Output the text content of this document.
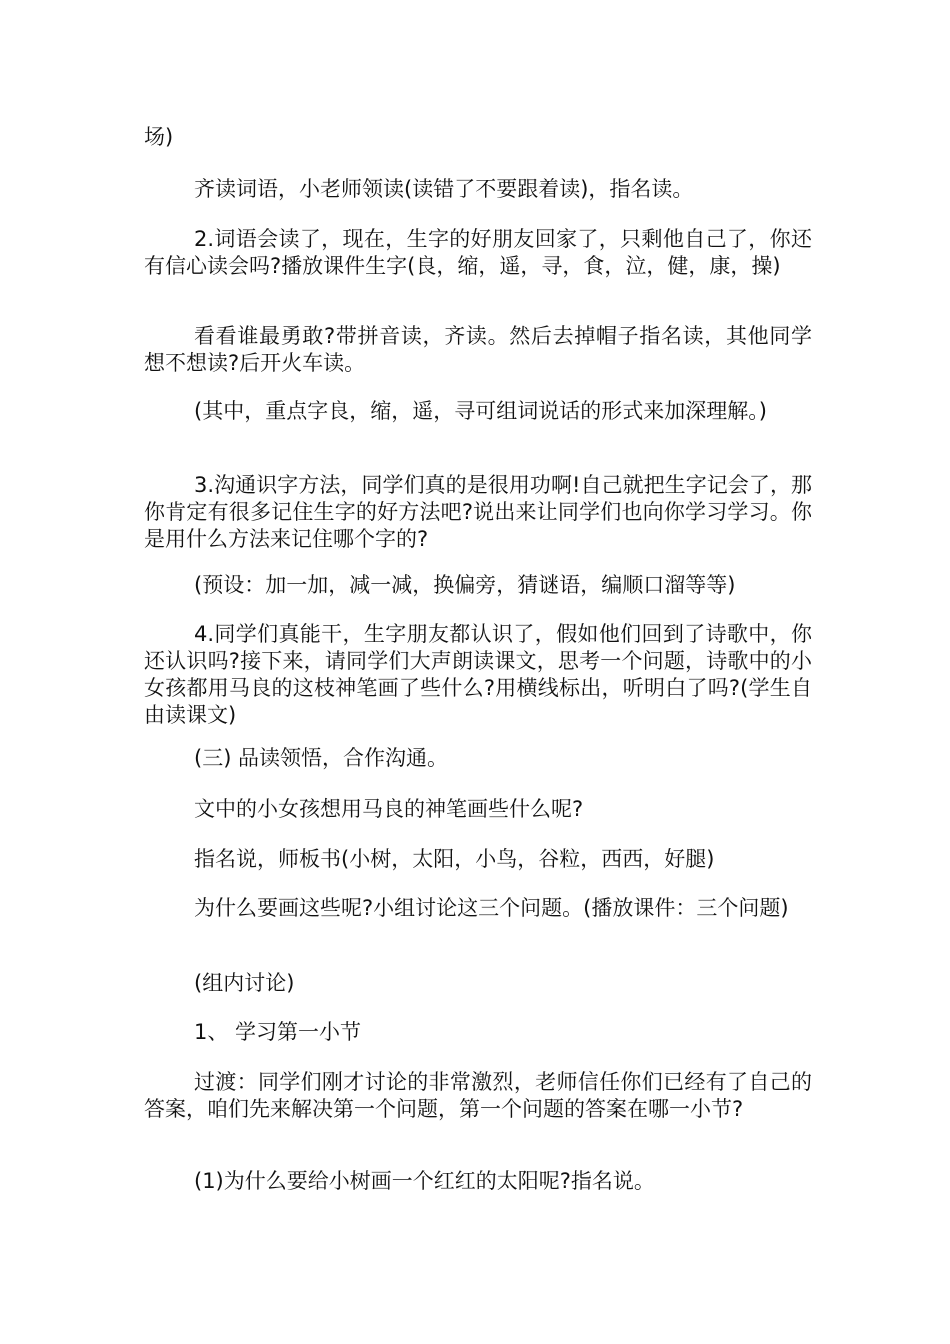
场)

齐读词语，小老师领读(读错了不要跟着读)，指名读。

2.词语会读了，现在，生字的好朋友回家了，只剩他自己了，你还有信心读会吗?播放课件生字(良，缩，遥，寻，食，泣，健，康，操)

看看谁最勇敢?带拼音读，齐读。然后去掉帽子指名读，其他同学想不想读?后开火车读。

(其中，重点字良，缩，遥，寻可组词说话的形式来加深理解。)

3.沟通识字方法，同学们真的是很用功啊!自己就把生字记会了，那你肯定有很多记住生字的好方法吧?说出来让同学们也向你学习学习。你是用什么方法来记住哪个字的?

(预设：加一加，减一减，换偏旁，猜谜语，编顺口溜等等)

4.同学们真能干，生字朋友都认识了，假如他们回到了诗歌中，你还认识吗?接下来，请同学们大声朗读课文，思考一个问题，诗歌中的小女孩都用马良的这枝神笔画了些什么?用横线标出，听明白了吗?(学生自由读课文)

(三) 品读领悟，合作沟通。

文中的小女孩想用马良的神笔画些什么呢?

指名说，师板书(小树，太阳，小鸟，谷粒，西西，好腿)

为什么要画这些呢?小组讨论这三个问题。(播放课件：三个问题)

(组内讨论)

1、 学习第一小节

过渡：同学们刚才讨论的非常激烈，老师信任你们已经有了自己的答案，咱们先来解决第一个问题，第一个问题的答案在哪一小节?

(1)为什么要给小树画一个红红的太阳呢?指名说。
